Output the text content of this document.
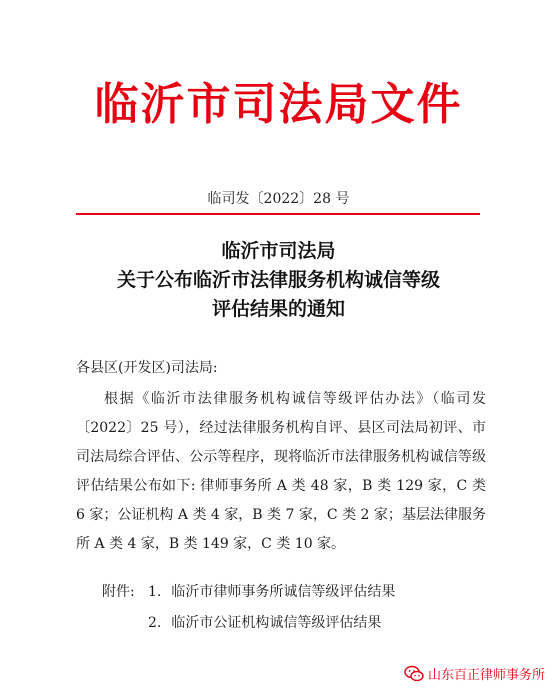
临沂市司法局文件
临司发〔2022〕28 号
临沂市司法局
关于公布临沂市法律服务机构诚信等级
评估结果的通知
各县区(开发区)司法局:
根据《临沂市法律服务机构诚信等级评估办法》（临司发〔2022〕25 号），经过法律服务机构自评、县区司法局初评、市司法局综合评估、公示等程序，现将临沂市法律服务机构诚信等级评估结果公布如下: 律师事务所 A 类 48 家，B 类 129 家，C 类 6 家；公证机构 A 类 4 家，B 类 7 家，C 类 2 家；基层法律服务所 A 类 4 家，B 类 149 家，C 类 10 家。
附件: 1. 临沂市律师事务所诚信等级评估结果
2. 临沂市公证机构诚信等级评估结果
山东百正律师事务所
